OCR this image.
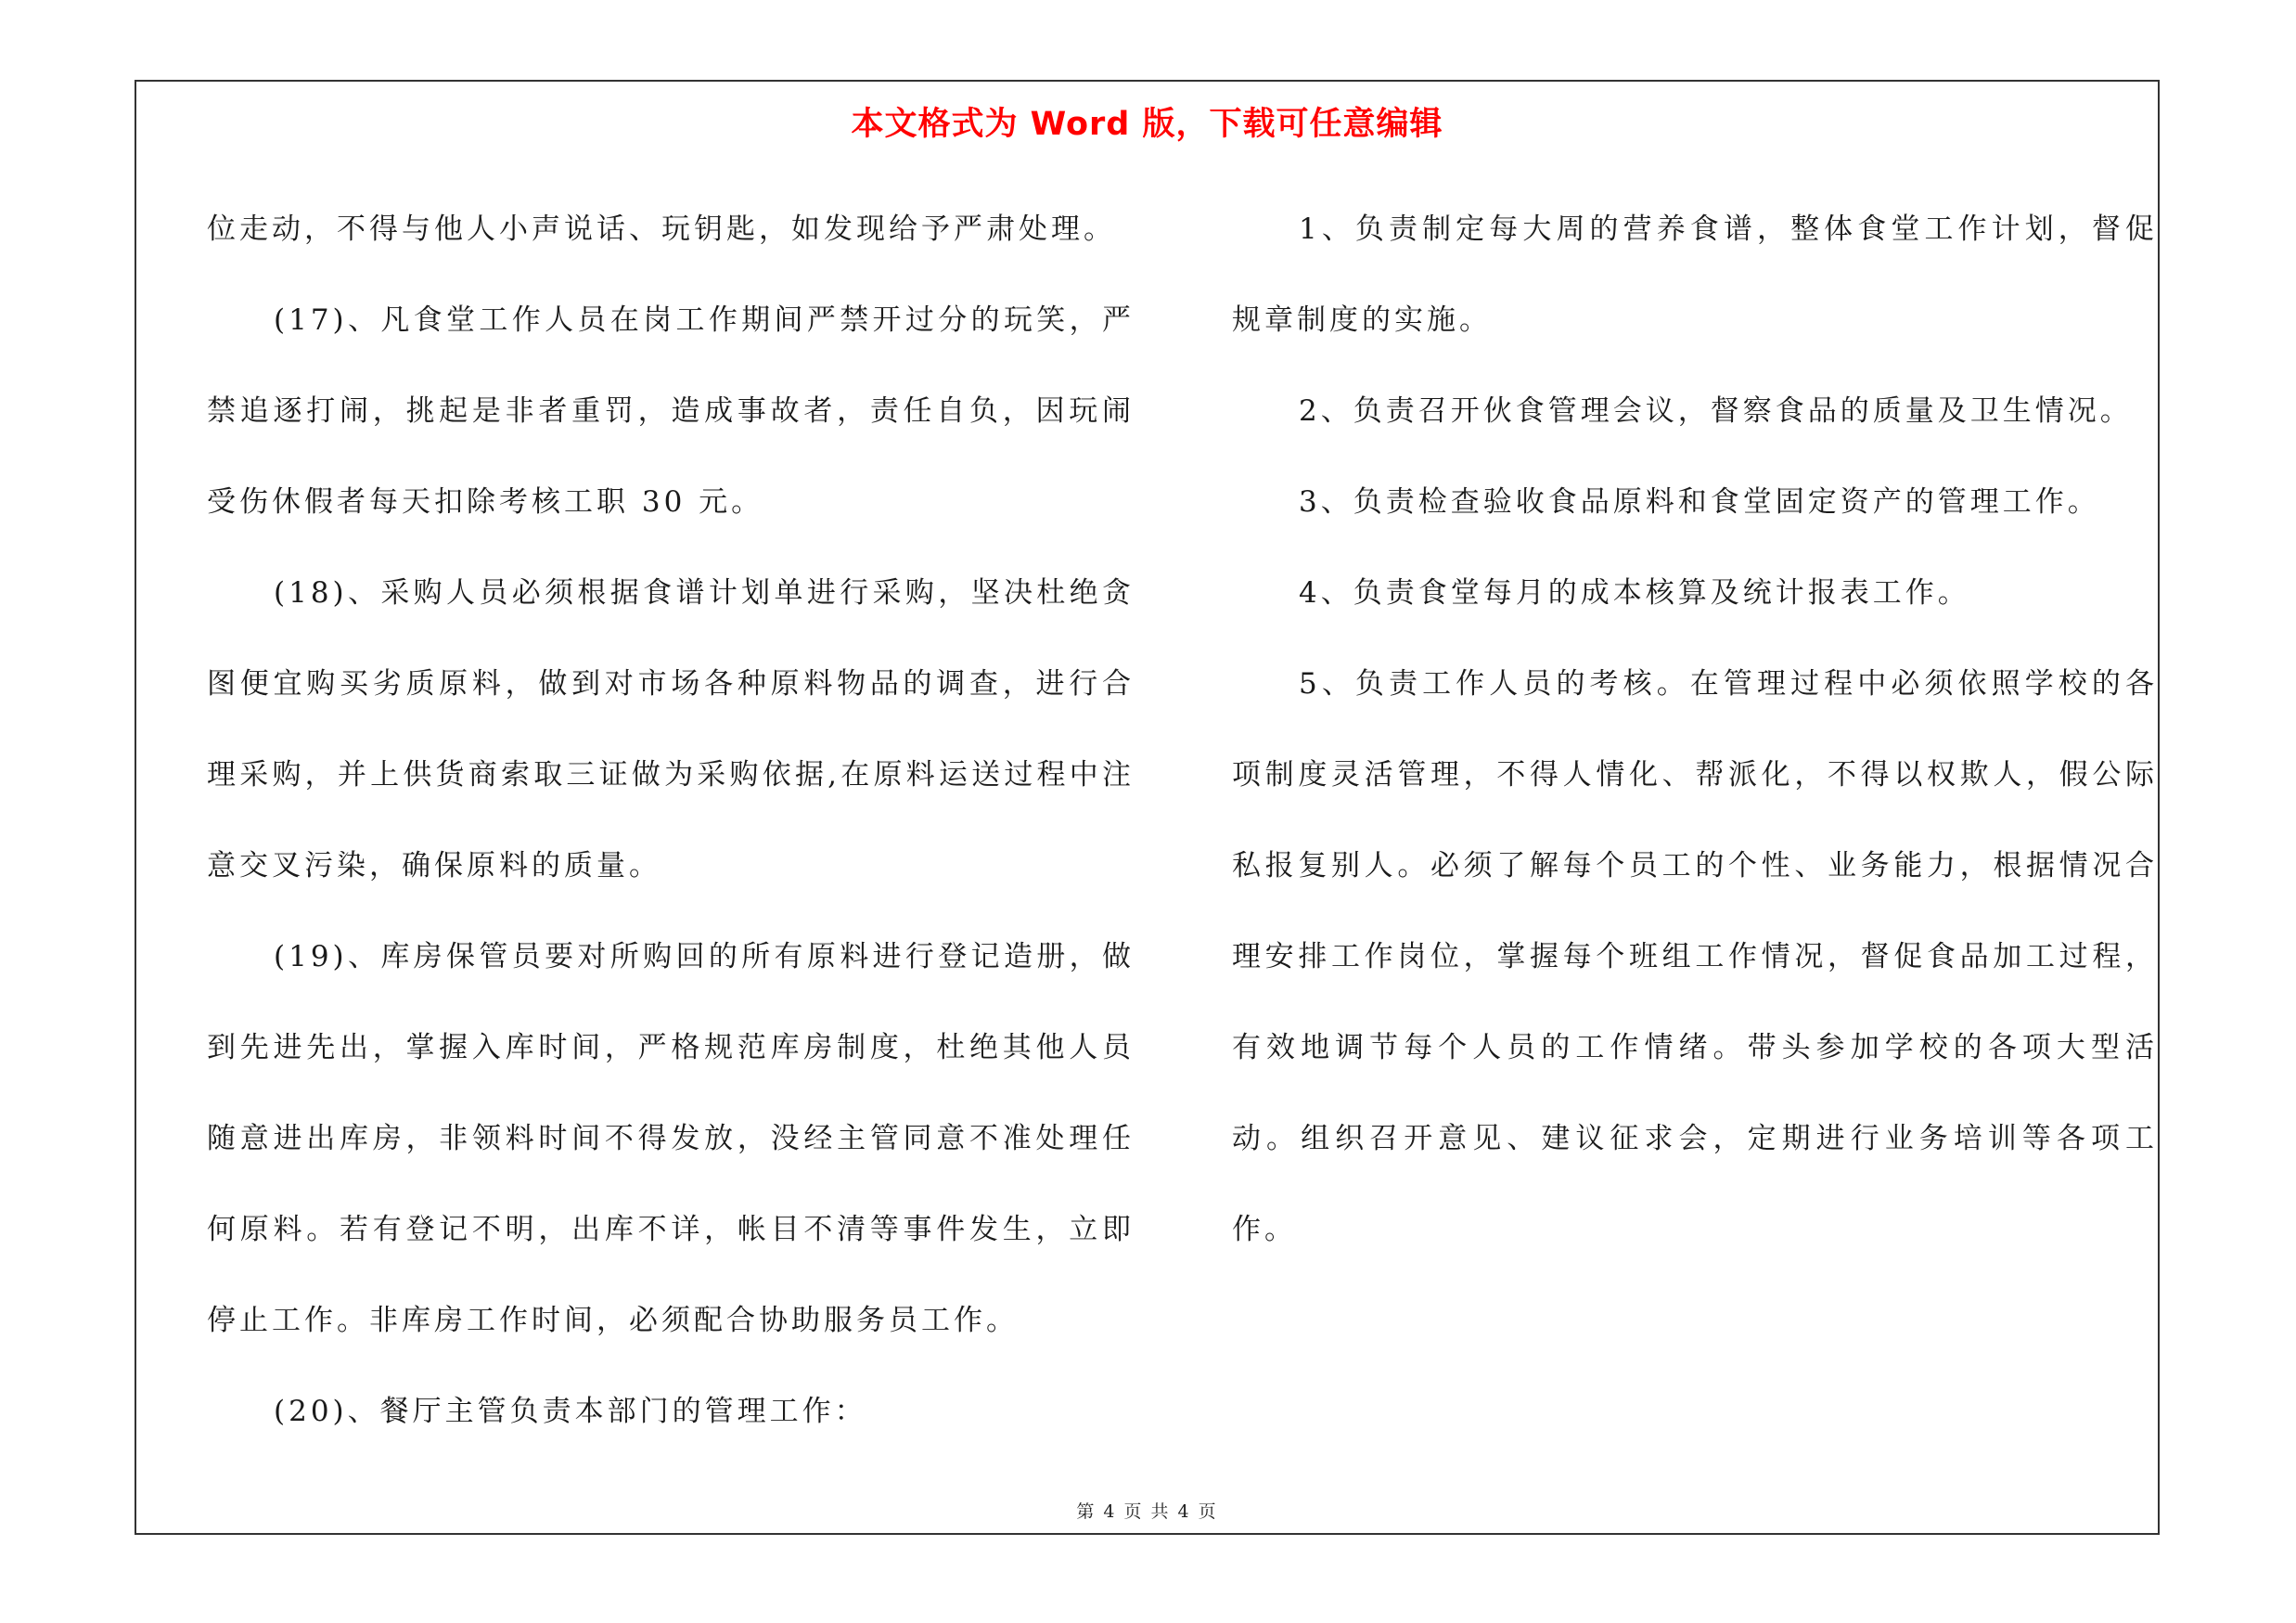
本文格式为 Word 版，下载可任意编辑

位走动，不得与他人小声说话、玩钥匙，如发现给予严肃处理。

(17)、凡食堂工作人员在岗工作期间严禁开过分的玩笑，严禁追逐打闹，挑起是非者重罚，造成事故者，责任自负，因玩闹受伤休假者每天扣除考核工职 30 元。

(18)、采购人员必须根据食谱计划单进行采购，坚决杜绝贪图便宜购买劣质原料，做到对市场各种原料物品的调查，进行合理采购，并上供货商索取三证做为采购依据,在原料运送过程中注意交叉污染，确保原料的质量。

(19)、库房保管员要对所购回的所有原料进行登记造册，做到先进先出，掌握入库时间，严格规范库房制度，杜绝其他人员随意进出库房，非领料时间不得发放，没经主管同意不准处理任何原料。若有登记不明，出库不详，帐目不清等事件发生，立即停止工作。非库房工作时间，必须配合协助服务员工作。

(20)、餐厅主管负责本部门的管理工作：

1、负责制定每大周的营养食谱，整体食堂工作计划，督促规章制度的实施。

2、负责召开伙食管理会议，督察食品的质量及卫生情况。

3、负责检查验收食品原料和食堂固定资产的管理工作。

4、负责食堂每月的成本核算及统计报表工作。

5、负责工作人员的考核。在管理过程中必须依照学校的各项制度灵活管理，不得人情化、帮派化，不得以权欺人，假公际私报复别人。必须了解每个员工的个性、业务能力，根据情况合理安排工作岗位，掌握每个班组工作情况，督促食品加工过程，有效地调节每个人员的工作情绪。带头参加学校的各项大型活动。组织召开意见、建议征求会，定期进行业务培训等各项工作。

第 4 页 共 4 页
